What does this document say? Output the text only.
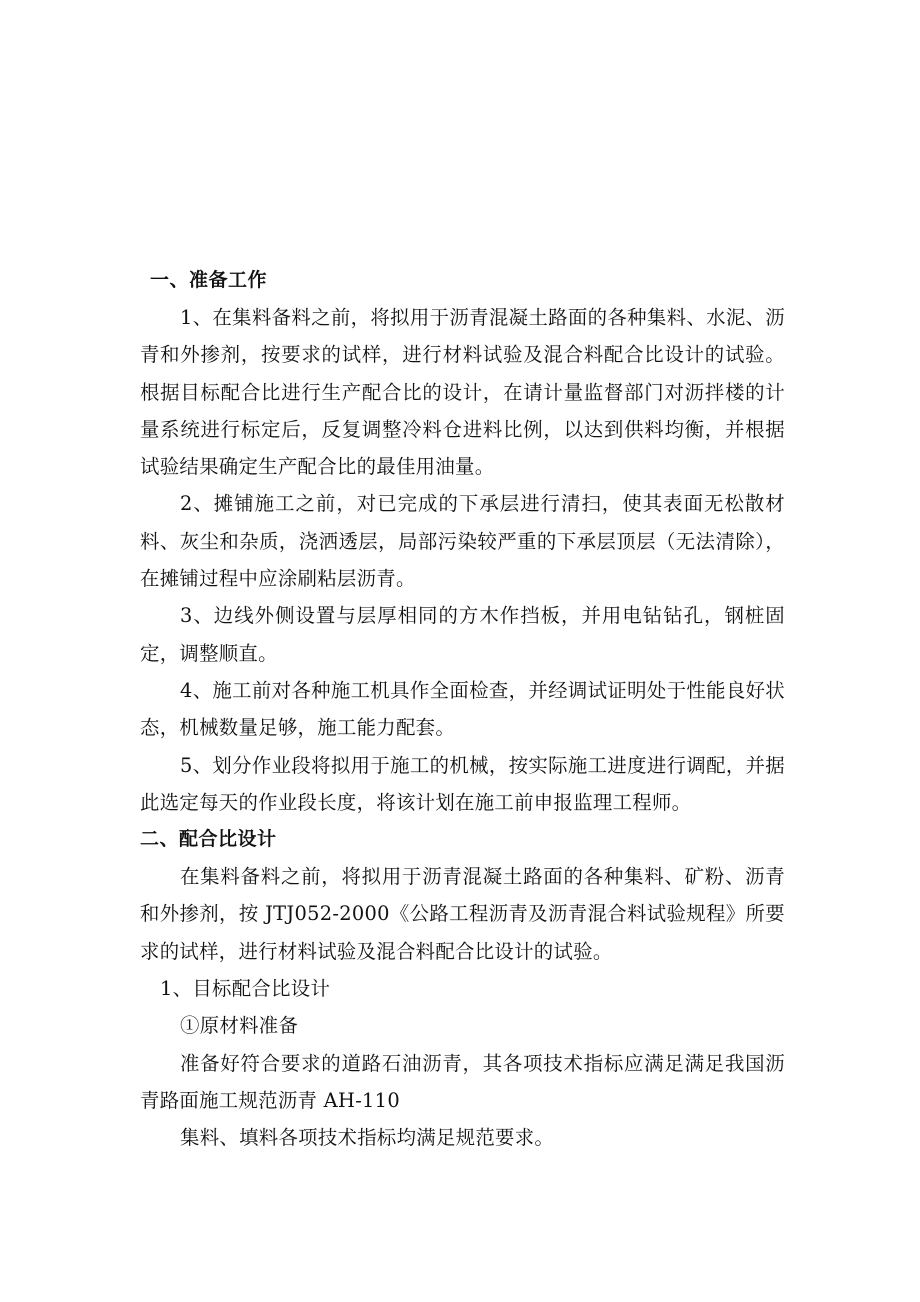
一、准备工作

1、在集料备料之前，将拟用于沥青混凝土路面的各种集料、水泥、沥青和外掺剂，按要求的试样，进行材料试验及混合料配合比设计的试验。根据目标配合比进行生产配合比的设计，在请计量监督部门对沥拌楼的计量系统进行标定后，反复调整冷料仓进料比例，以达到供料均衡，并根据试验结果确定生产配合比的最佳用油量。

2、摊铺施工之前，对已完成的下承层进行清扫，使其表面无松散材料、灰尘和杂质，浇洒透层，局部污染较严重的下承层顶层（无法清除），在摊铺过程中应涂刷粘层沥青。

3、边线外侧设置与层厚相同的方木作挡板，并用电钻钻孔，钢桩固定，调整顺直。

4、施工前对各种施工机具作全面检查，并经调试证明处于性能良好状态，机械数量足够，施工能力配套。

5、划分作业段将拟用于施工的机械，按实际施工进度进行调配，并据此选定每天的作业段长度，将该计划在施工前申报监理工程师。

二、配合比设计

在集料备料之前，将拟用于沥青混凝土路面的各种集料、矿粉、沥青和外掺剂，按 JTJ052-2000《公路工程沥青及沥青混合料试验规程》所要求的试样，进行材料试验及混合料配合比设计的试验。

1、目标配合比设计

①原材料准备

准备好符合要求的道路石油沥青，其各项技术指标应满足满足我国沥青路面施工规范沥青 AH-110

集料、填料各项技术指标均满足规范要求。
